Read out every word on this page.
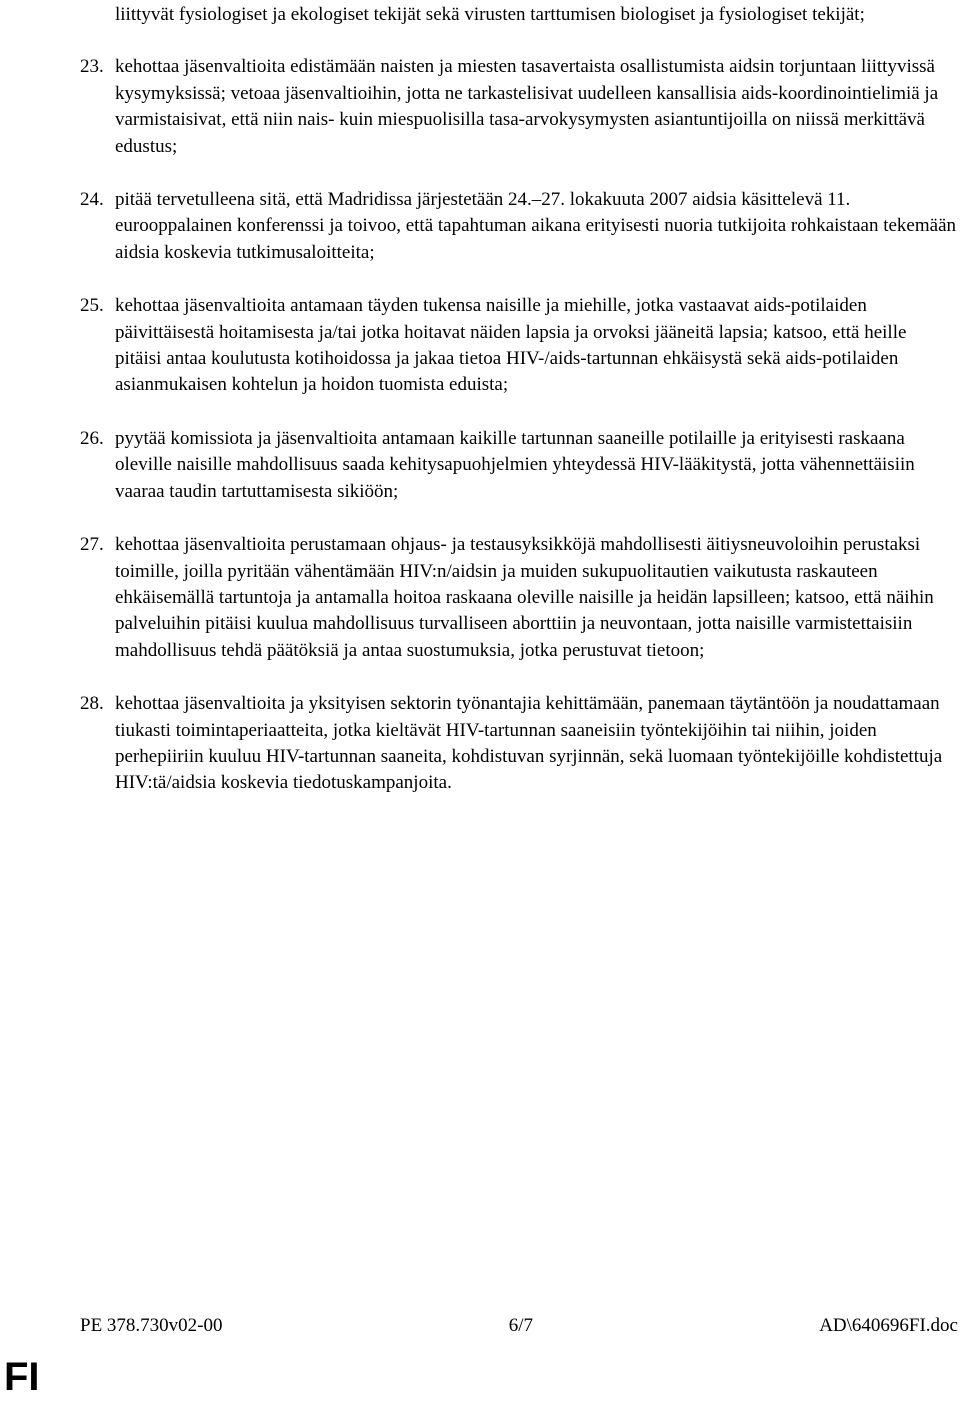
liittyvät fysiologiset ja ekologiset tekijät sekä virusten tarttumisen biologiset ja fysiologiset tekijät;

23. kehottaa jäsenvaltioita edistämään naisten ja miesten tasavertaista osallistumista aidsin torjuntaan liittyvissä kysymyksissä; vetoaa jäsenvaltioihin, jotta ne tarkastelisivat uudelleen kansallisia aids-koordinointielimiä ja varmistaisivat, että niin nais- kuin miespuolisilla tasa-arvokysymysten asiantuntijoilla on niissä merkittävä edustus;
24. pitää tervetulleena sitä, että Madridissa järjestetään 24.–27. lokakuuta 2007 aidsia käsittelevä 11. eurooppalainen konferenssi ja toivoo, että tapahtuman aikana erityisesti nuoria tutkijoita rohkaistaan tekemään aidsia koskevia tutkimusaloitteita;
25. kehottaa jäsenvaltioita antamaan täyden tukensa naisille ja miehille, jotka vastaavat aids-potilaiden päivittäisestä hoitamisesta ja/tai jotka hoitavat näiden lapsia ja orvoksi jääneitä lapsia; katsoo, että heille pitäisi antaa koulutusta kotihoidossa ja jakaa tietoa HIV-/aids-tartunnan ehkäisystä sekä aids-potilaiden asianmukaisen kohtelun ja hoidon tuomista eduista;
26. pyytää komissiota ja jäsenvaltioita antamaan kaikille tartunnan saaneille potilaille ja erityisesti raskaana oleville naisille mahdollisuus saada kehitysapuohjelmien yhteydessä HIV-lääkitystä, jotta vähennettäisiin vaaraa taudin tartuttamisesta sikiöön;
27. kehottaa jäsenvaltioita perustamaan ohjaus- ja testausyksikköjä mahdollisesti äitiysneuvoloihin perustaksi toimille, joilla pyritään vähentämään HIV:n/aidsin ja muiden sukupuolitautien vaikutusta raskauteen ehkäisemällä tartuntoja ja antamalla hoitoa raskaana oleville naisille ja heidän lapsilleen; katsoo, että näihin palveluihin pitäisi kuulua mahdollisuus turvalliseen aborttiin ja neuvontaan, jotta naisille varmistettaisiin mahdollisuus tehdä päätöksiä ja antaa suostumuksia, jotka perustuvat tietoon;
28. kehottaa jäsenvaltioita ja yksityisen sektorin työnantajia kehittämään, panemaan täytäntöön ja noudattamaan tiukasti toimintaperiaatteita, jotka kieltävät HIV-tartunnan saaneisiin työntekijöihin tai niihin, joiden perhepiiriin kuuluu HIV-tartunnan saaneita, kohdistuvan syrjinnän, sekä luomaan työntekijöille kohdistettuja HIV:tä/aidsia koskevia tiedotuskampanjoita.
PE 378.730v02-00	6/7	AD\640696FI.doc
FI
